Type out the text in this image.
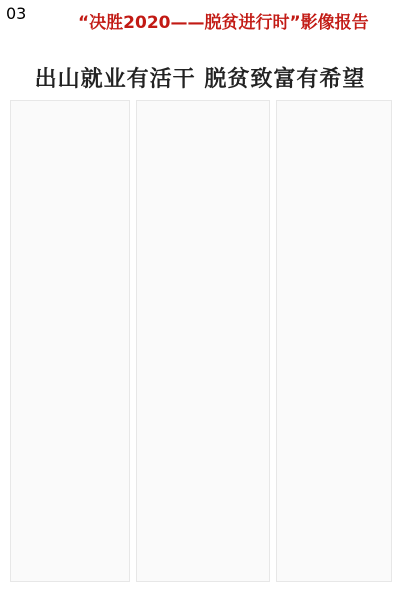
03	“决胜2020——脱贫进行时”影像报告
出山就业有活干 脱贫致富有希望
